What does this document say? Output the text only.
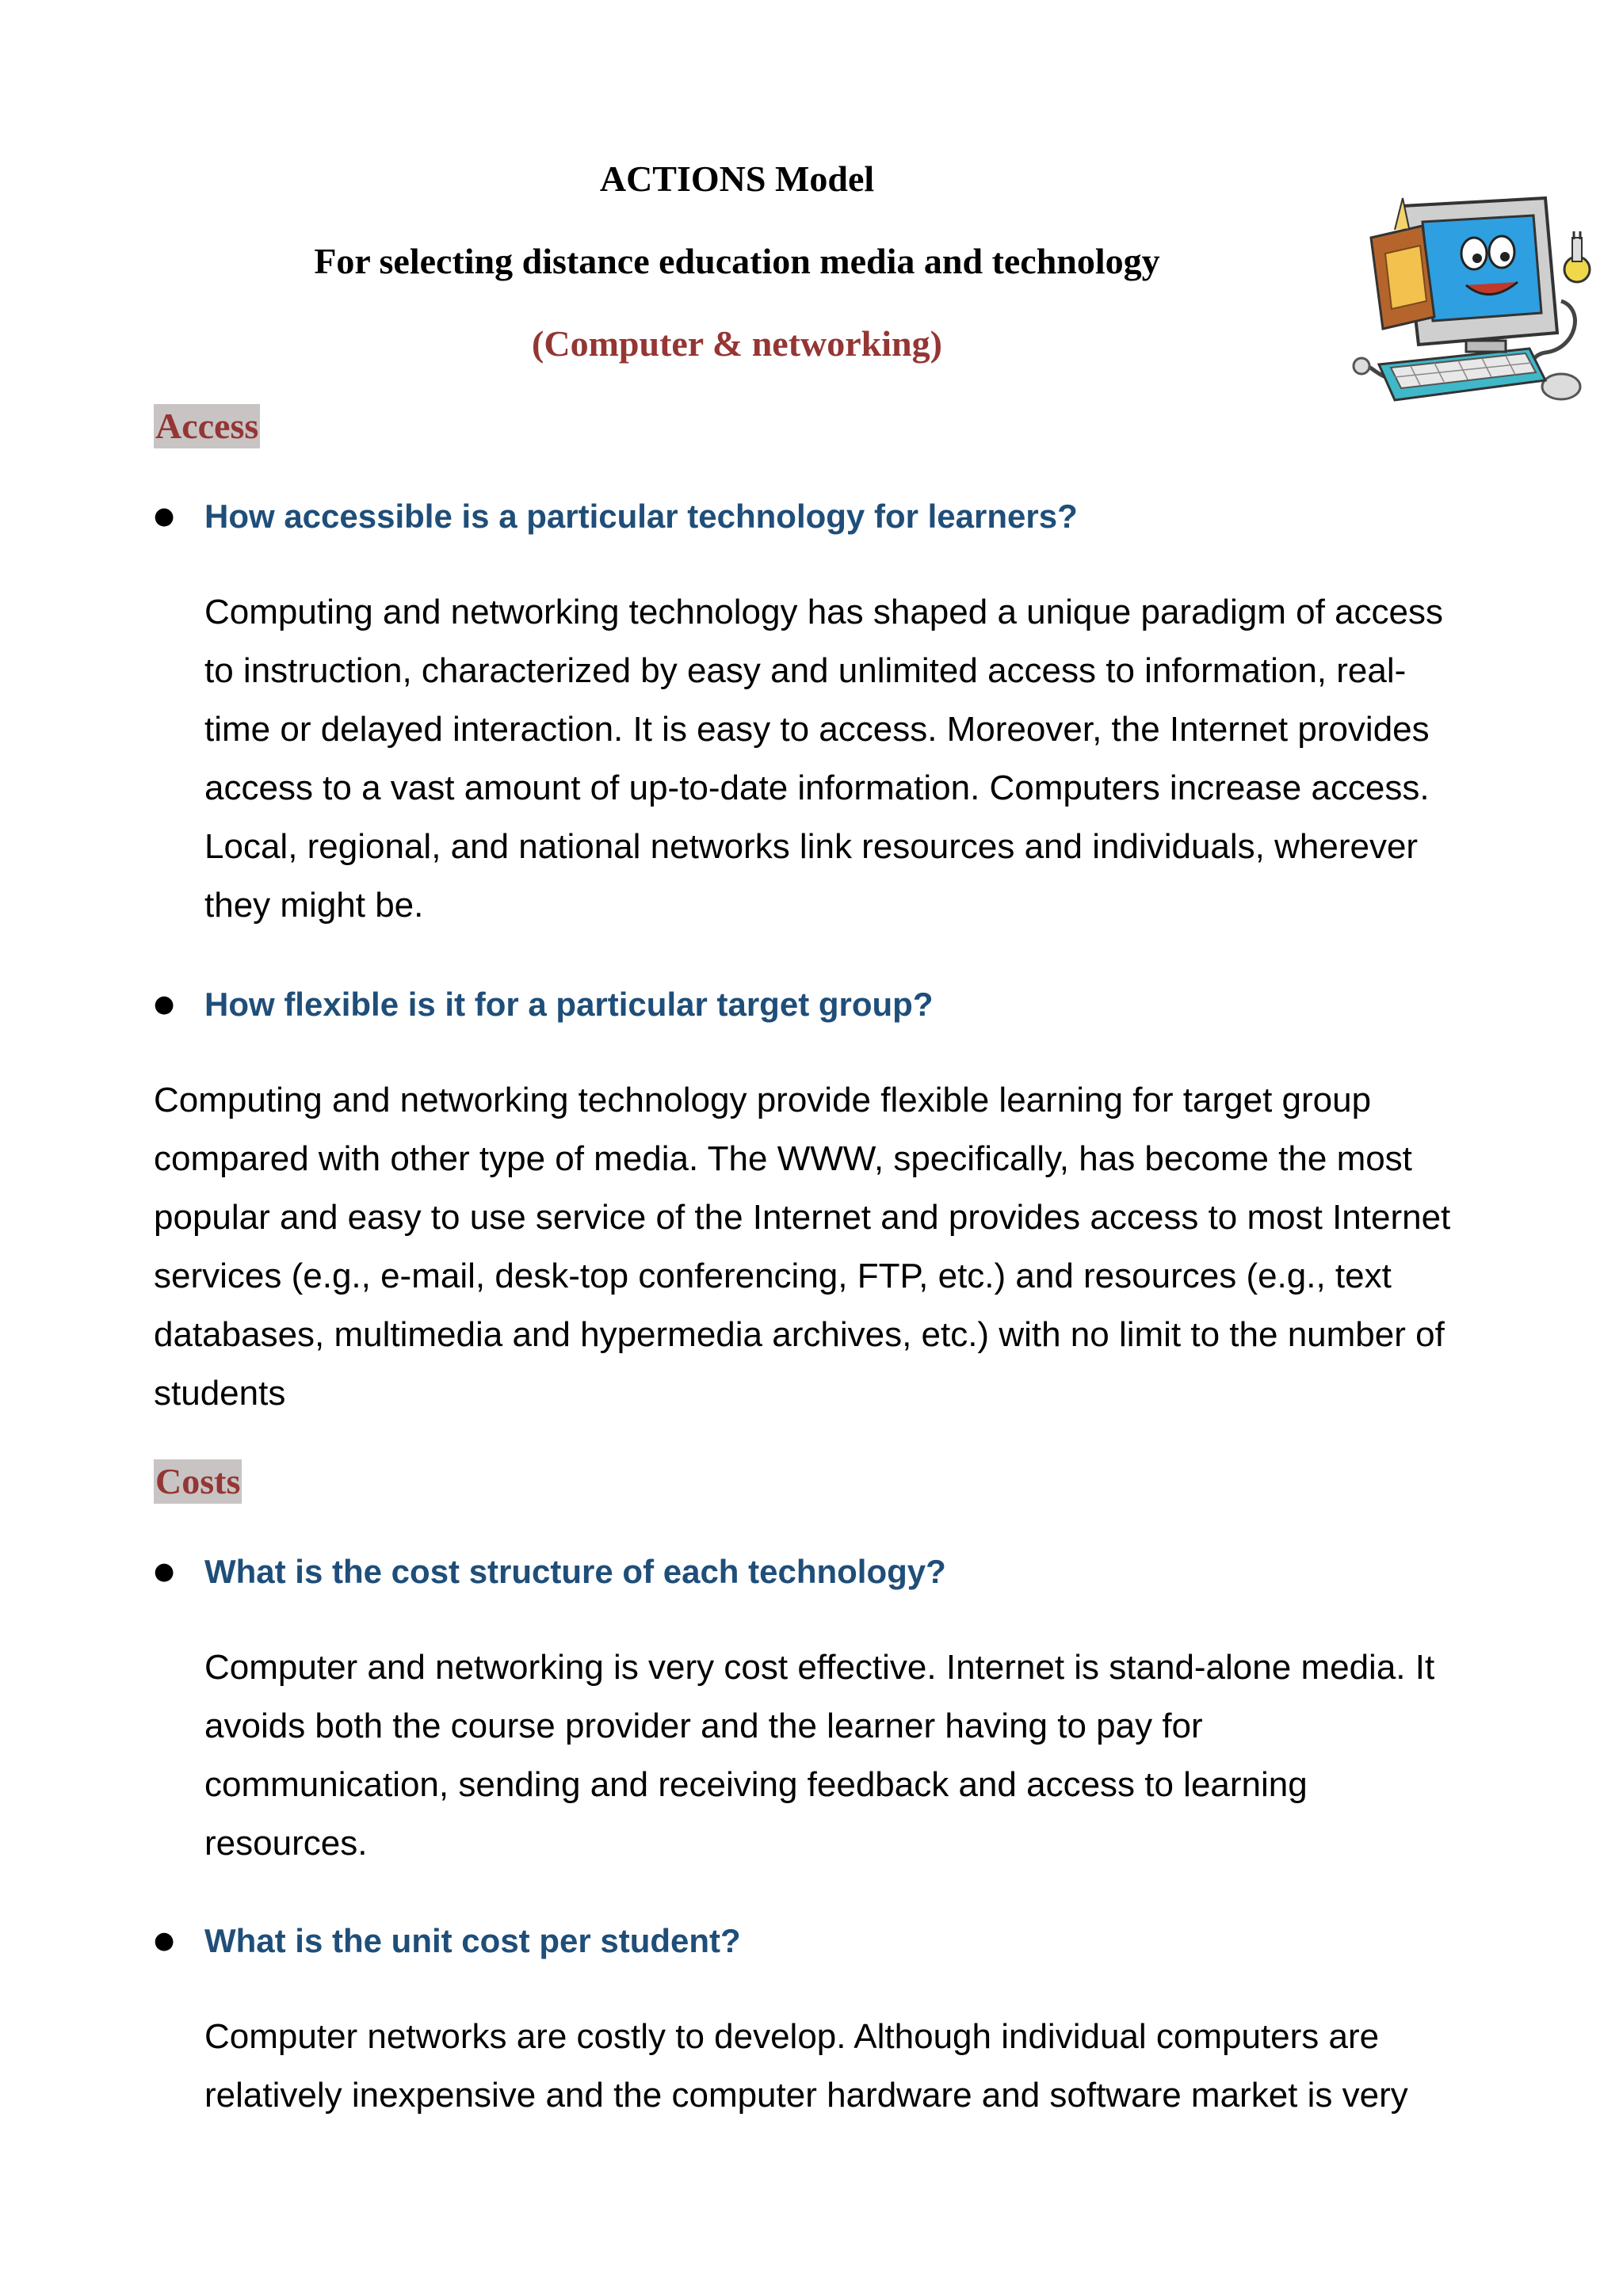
ACTIONS Model
For selecting distance education media and technology
(Computer & networking)
Access
● How accessible is a particular technology for learners?
Computing and networking technology has shaped a unique paradigm of access
to instruction, characterized by easy and unlimited access to information, real-
time or delayed interaction. It is easy to access. Moreover, the Internet provides
access to a vast amount of up-to-date information. Computers increase access.
Local, regional, and national networks link resources and individuals, wherever
they might be.
● How flexible is it for a particular target group?
Computing and networking technology provide flexible learning for target group
compared with other type of media. The WWW, specifically, has become the most
popular and easy to use service of the Internet and provides access to most Internet
services (e.g., e-mail, desk-top conferencing, FTP, etc.) and resources (e.g., text
databases, multimedia and hypermedia archives, etc.) with no limit to the number of
students
Costs
● What is the cost structure of each technology?
Computer and networking is very cost effective. Internet is stand-alone media. It
avoids both the course provider and the learner having to pay for
communication, sending and receiving feedback and access to learning
resources.
● What is the unit cost per student?
Computer networks are costly to develop. Although individual computers are
relatively inexpensive and the computer hardware and software market is very
